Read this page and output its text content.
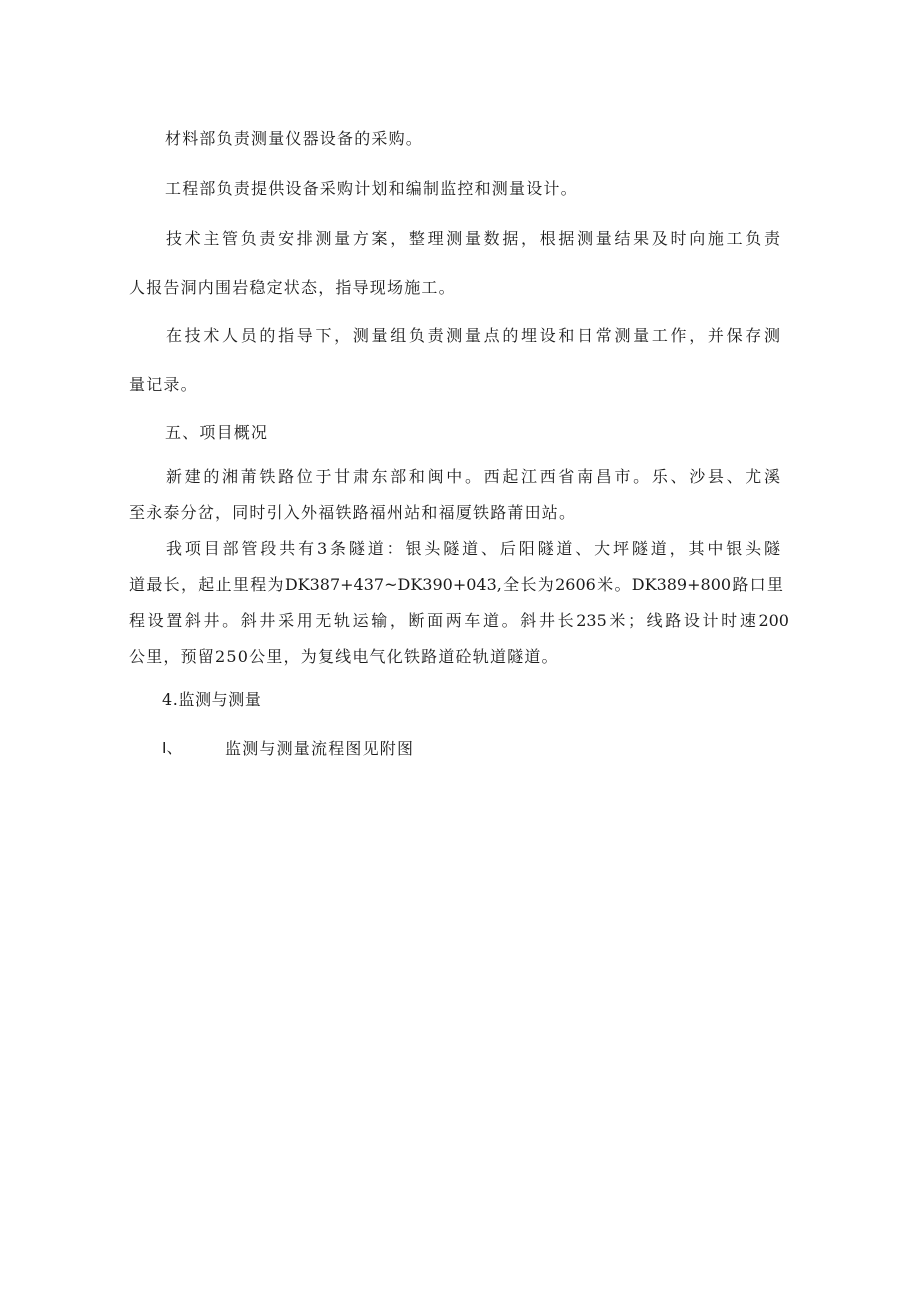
材料部负责测量仪器设备的采购。
工程部负责提供设备采购计划和编制监控和测量设计。
技术主管负责安排测量方案，整理测量数据，根据测量结果及时向施工负责
人报告洞内围岩稳定状态，指导现场施工。
在技术人员的指导下，测量组负责测量点的埋设和日常测量工作，并保存测
量记录。
五、项目概况
新建的湘莆铁路位于甘肃东部和闽中。西起江西省南昌市。乐、沙县、尤溪
至永泰分岔，同时引入外福铁路福州站和福厦铁路莆田站。
我项目部管段共有3条隧道：银头隧道、后阳隧道、大坪隧道，其中银头隧
道最长，起止里程为DK387+437~DK390+043,全长为2606米。DK389+800路口里
程设置斜井。斜井采用无轨运输，断面两车道。斜井长235米；线路设计时速200
公里，预留250公里，为复线电气化铁路道砼轨道隧道。
4.监测与测量
I、	监测与测量流程图见附图
